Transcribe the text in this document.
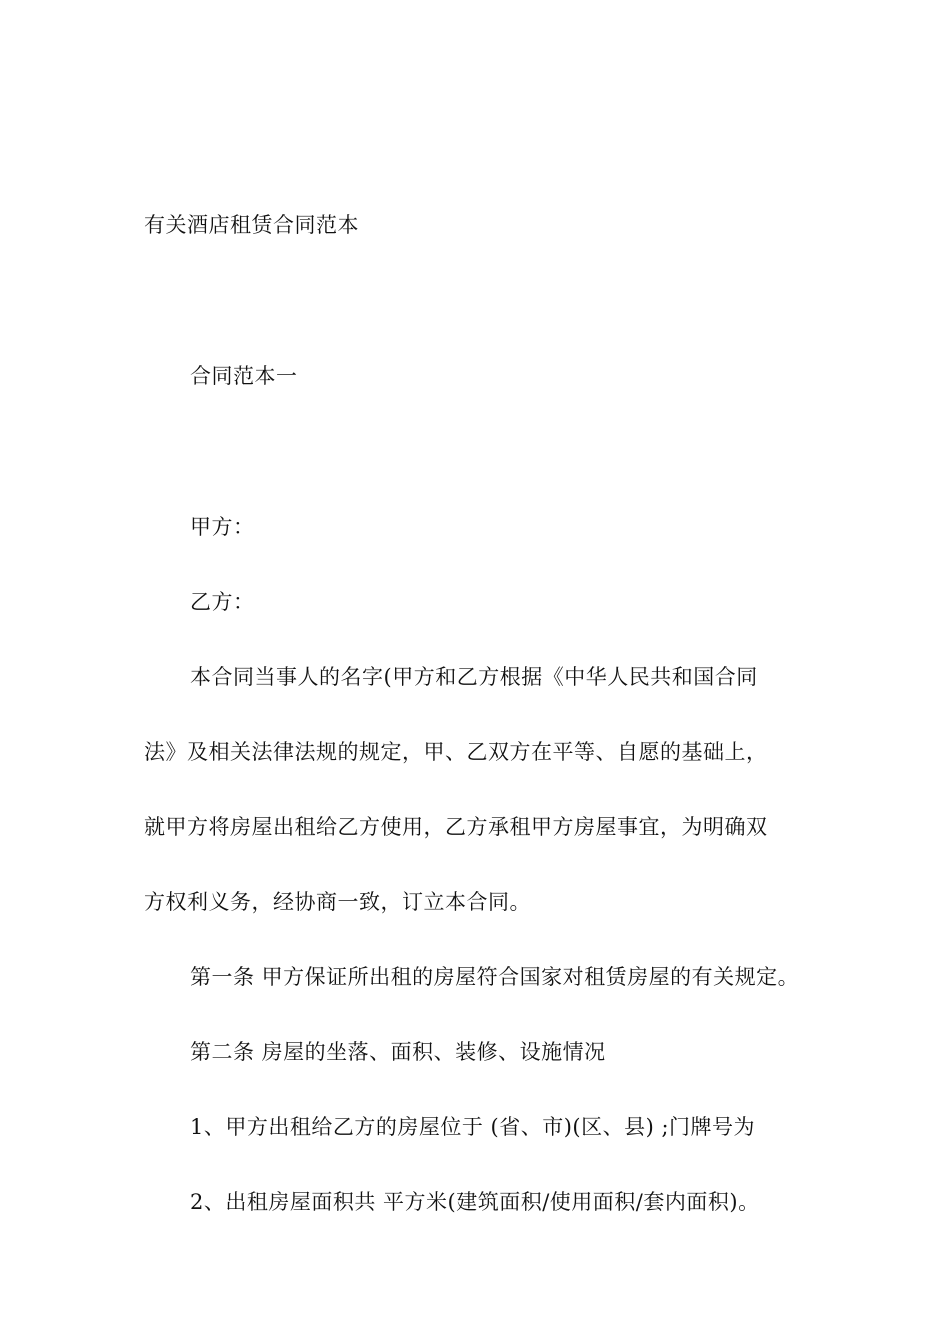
有关酒店租赁合同范本
合同范本一
甲方：
乙方：
本合同当事人的名字(甲方和乙方根据《中华人民共和国合同
法》及相关法律法规的规定，甲、乙双方在平等、自愿的基础上，
就甲方将房屋出租给乙方使用，乙方承租甲方房屋事宜，为明确双
方权利义务，经协商一致，订立本合同。
第一条 甲方保证所出租的房屋符合国家对租赁房屋的有关规定。
第二条 房屋的坐落、面积、装修、设施情况
1、甲方出租给乙方的房屋位于 (省、市)(区、县) ;门牌号为
2、出租房屋面积共 平方米(建筑面积/使用面积/套内面积)。
